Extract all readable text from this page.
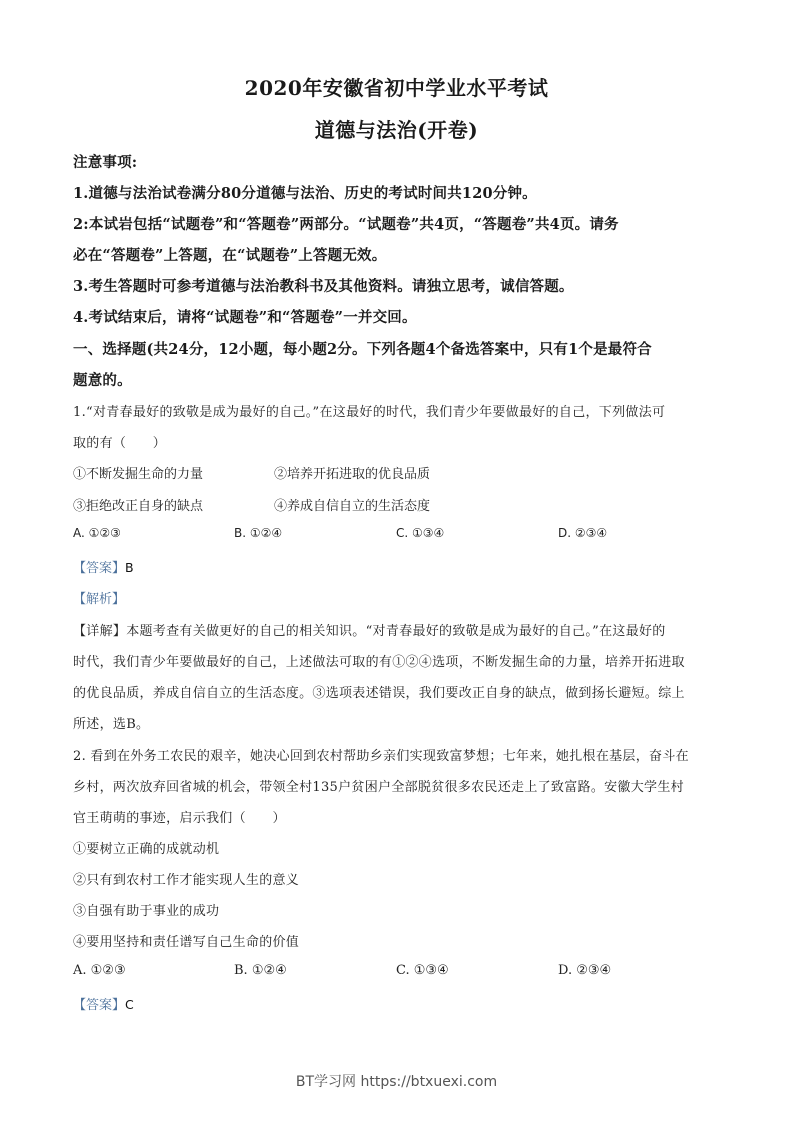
2020年安徽省初中学业水平考试
道德与法治(开卷)
注意事项:
1.道德与法治试卷满分80分道德与法治、历史的考试时间共120分钟。
2:本试岩包括“试题卷”和“答题卷”两部分。“试题卷”共4页，“答题卷”共4页。请务
必在“答题卷”上答题，在“试题卷”上答题无效。
3.考生答题时可参考道德与法治教科书及其他资料。请独立思考，诚信答题。
4.考试结束后，请将“试题卷”和“答题卷”一并交回。
一、选择题(共24分，12小题，每小题2分。下列各题4个备选答案中，只有1个是最符合
题意的。
1.“对青春最好的致敬是成为最好的自己。”在这最好的时代，我们青少年要做最好的自己，下列做法可
取的有（　　）
①不断发掘生命的力量	②培养开拓进取的优良品质
③拒绝改正自身的缺点	④养成自信自立的生活态度
A. ①②③	B. ①②④	C. ①③④	D. ②③④
【答案】B
【解析】
【详解】本题考查有关做更好的自己的相关知识。“对青春最好的致敬是成为最好的自己。”在这最好的
时代，我们青少年要做最好的自己，上述做法可取的有①②④选项，不断发掘生命的力量，培养开拓进取
的优良品质，养成自信自立的生活态度。③选项表述错误，我们要改正自身的缺点，做到扬长避短。综上
所述，选B。
2. 看到在外务工农民的艰辛，她决心回到农村帮助乡亲们实现致富梦想；七年来，她扎根在基层，奋斗在
乡村，两次放弃回省城的机会，带领全村135户贫困户全部脱贫很多农民还走上了致富路。安徽大学生村
官王萌萌的事迹，启示我们（　　）
①要树立正确的成就动机
②只有到农村工作才能实现人生的意义
③自强有助于事业的成功
④要用坚持和责任谱写自己生命的价值
A. ①②③	B. ①②④	C. ①③④	D. ②③④
【答案】C
BT学习网 https://btxuexi.com
